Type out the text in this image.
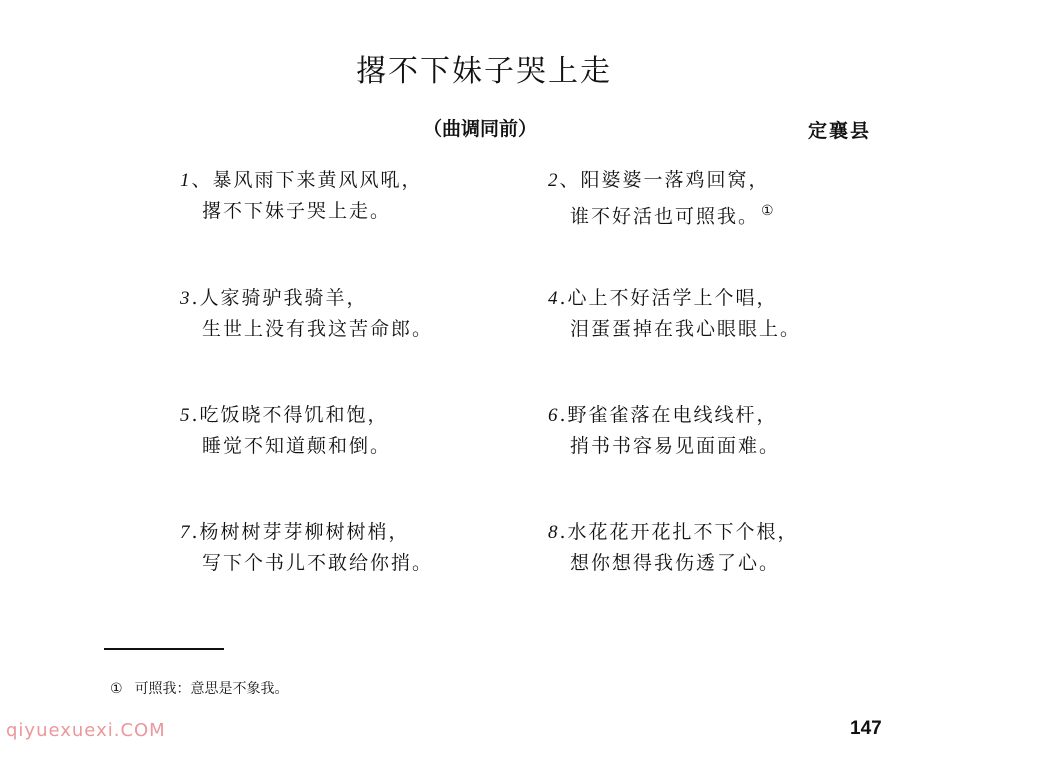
撂不下妹子哭上走
（曲调同前）	定襄县
1、暴风雨下来黄风风吼，
撂不下妹子哭上走。
2、阳婆婆一落鸡回窝，
谁不好活也可照我。 ①
3.人家骑驴我骑羊，
生世上没有我这苦命郎。
4.心上不好活学上个唱，
泪蛋蛋掉在我心眼眼上。
5.吃饭晓不得饥和饱，
睡觉不知道颠和倒。
6.野雀雀落在电线线杆，
捎书书容易见面面难。
7.杨树树芽芽柳树树梢，
写下个书儿不敢给你捎。
8.水花花开花扎不下个根，
想你想得我伤透了心。
① 可照我：意思是不象我。
qiyuexuexi.COM	147
